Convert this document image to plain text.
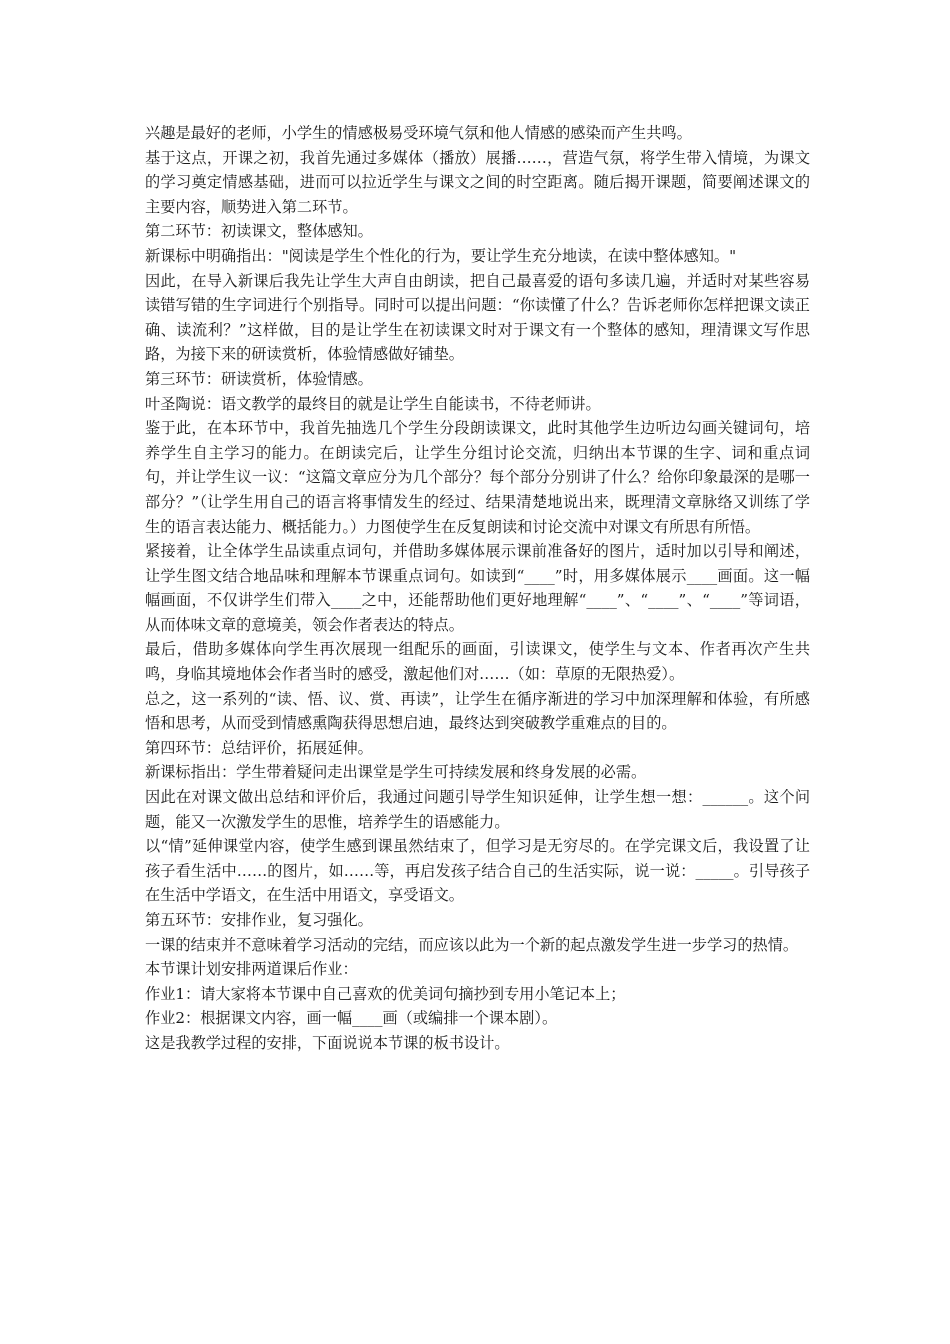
兴趣是最好的老师，小学生的情感极易受环境气氛和他人情感的感染而产生共鸣。

基于这点，开课之初，我首先通过多媒体（播放）展播……，营造气氛，将学生带入情境，为课文的学习奠定情感基础，进而可以拉近学生与课文之间的时空距离。随后揭开课题，简要阐述课文的主要内容，顺势进入第二环节。

第二环节：初读课文，整体感知。

新课标中明确指出："阅读是学生个性化的行为，要让学生充分地读，在读中整体感知。"

因此，在导入新课后我先让学生大声自由朗读，把自己最喜爱的语句多读几遍，并适时对某些容易读错写错的生字词进行个别指导。同时可以提出问题：“你读懂了什么？告诉老师你怎样把课文读正确、读流利？”这样做，目的是让学生在初读课文时对于课文有一个整体的感知，理清课文写作思路，为接下来的研读赏析，体验情感做好铺垫。

第三环节：研读赏析，体验情感。

叶圣陶说：语文教学的最终目的就是让学生自能读书，不待老师讲。

鉴于此，在本环节中，我首先抽选几个学生分段朗读课文，此时其他学生边听边勾画关键词句，培养学生自主学习的能力。在朗读完后，让学生分组讨论交流，归纳出本节课的生字、词和重点词句，并让学生议一议：“这篇文章应分为几个部分？每个部分分别讲了什么？给你印象最深的是哪一部分？”（让学生用自己的语言将事情发生的经过、结果清楚地说出来，既理清文章脉络又训练了学生的语言表达能力、概括能力。）力图使学生在反复朗读和讨论交流中对课文有所思有所悟。

紧接着，让全体学生品读重点词句，并借助多媒体展示课前准备好的图片，适时加以引导和阐述，让学生图文结合地品味和理解本节课重点词句。如读到“____”时，用多媒体展示____画面。这一幅幅画面，不仅讲学生们带入____之中，还能帮助他们更好地理解“____”、“____”、“____”等词语，从而体味文章的意境美，领会作者表达的特点。

最后，借助多媒体向学生再次展现一组配乐的画面，引读课文，使学生与文本、作者再次产生共鸣，身临其境地体会作者当时的感受，激起他们对……（如：草原的无限热爱）。

总之，这一系列的“读、悟、议、赏、再读”，让学生在循序渐进的学习中加深理解和体验，有所感悟和思考，从而受到情感熏陶获得思想启迪，最终达到突破教学重难点的目的。

第四环节：总结评价，拓展延伸。

新课标指出：学生带着疑问走出课堂是学生可持续发展和终身发展的必需。

因此在对课文做出总结和评价后，我通过问题引导学生知识延伸，让学生想一想：______。这个问题，能又一次激发学生的思惟，培养学生的语感能力。

以“情”延伸课堂内容，使学生感到课虽然结束了，但学习是无穷尽的。在学完课文后，我设置了让孩子看生活中……的图片，如……等，再启发孩子结合自己的生活实际，说一说：_____。引导孩子在生活中学语文，在生活中用语文，享受语文。

第五环节：安排作业，复习强化。

一课的结束并不意味着学习活动的完结，而应该以此为一个新的起点激发学生进一步学习的热情。

本节课计划安排两道课后作业：

作业1：请大家将本节课中自己喜欢的优美词句摘抄到专用小笔记本上；

作业2：根据课文内容，画一幅____画（或编排一个课本剧）。

这是我教学过程的安排，下面说说本节课的板书设计。
